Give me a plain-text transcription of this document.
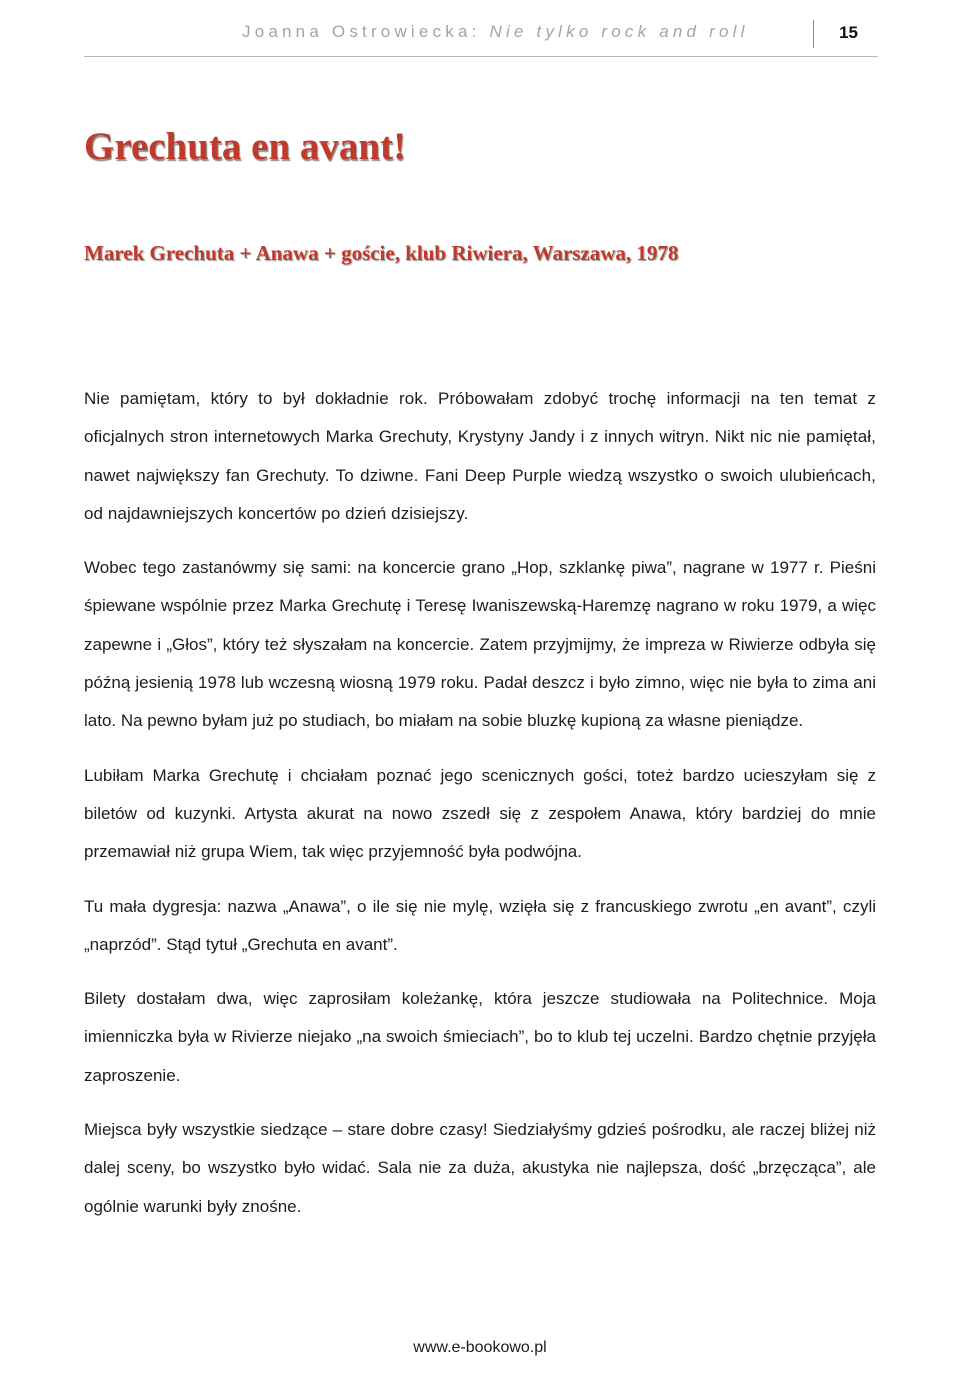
Joanna Ostrowiecka: Nie tylko rock and roll	15
Grechuta en avant!
Marek Grechuta + Anawa + goście, klub Riwiera, Warszawa, 1978

Nie pamiętam, który to był dokładnie rok. Próbowałam zdobyć trochę informacji na ten temat z oficjalnych stron internetowych Marka Grechuty, Krystyny Jandy i z innych witryn. Nikt nic nie pamiętał, nawet największy fan Grechuty. To dziwne. Fani Deep Purple wiedzą wszystko o swoich ulubieńcach, od najdawniejszych koncertów po dzień dzisiejszy.

Wobec tego zastanówmy się sami: na koncercie grano „Hop, szklankę piwa”, nagrane w 1977 r. Pieśni śpiewane wspólnie przez Marka Grechutę i Teresę Iwaniszewską-Haremzę nagrano w roku 1979, a więc zapewne i „Głos”, który też słyszałam na koncercie. Zatem przyjmijmy, że impreza w Riwierze odbyła się późną jesienią 1978 lub wczesną wiosną 1979 roku. Padał deszcz i było zimno, więc nie była to zima ani lato. Na pewno byłam już po studiach, bo miałam na sobie bluzkę kupioną za własne pieniądze.

Lubiłam Marka Grechutę i chciałam poznać jego scenicznych gości, toteż bardzo ucieszyłam się z biletów od kuzynki. Artysta akurat na nowo zszedł się z zespołem Anawa, który bardziej do mnie przemawiał niż grupa Wiem, tak więc przyjemność była podwójna.

Tu mała dygresja: nazwa „Anawa”, o ile się nie mylę, wzięła się z francuskiego zwrotu „en avant”, czyli „naprzód”. Stąd tytuł „Grechuta en avant”.

Bilety dostałam dwa, więc zaprosiłam koleżankę, która jeszcze studiowała na Politechnice. Moja imienniczka była w Rivierze niejako „na swoich śmieciach”, bo to klub tej uczelni. Bardzo chętnie przyjęła zaproszenie.

Miejsca były wszystkie siedzące – stare dobre czasy! Siedziałyśmy gdzieś pośrodku, ale raczej bliżej niż dalej sceny, bo wszystko było widać. Sala nie za duża, akustyka nie najlepsza, dość „brzęcząca”, ale ogólnie warunki były znośne.

www.e-bookowo.pl
